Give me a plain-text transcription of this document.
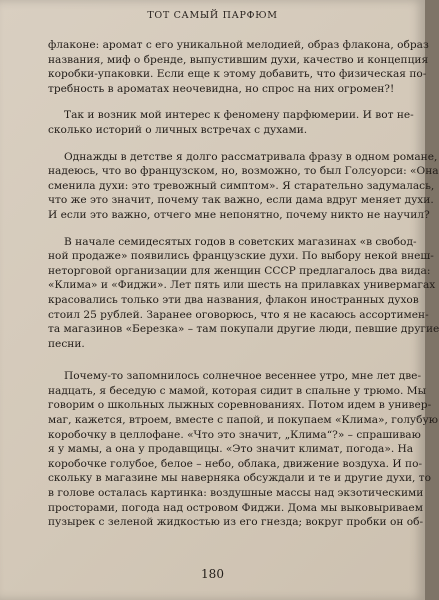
ТОТ САМЫЙ ПАРФЮМ

флаконе: аромат с его уникальной мелодией, образ флакона, образ
названия, миф о бренде, выпустившим духи, качество и концепция
коробки-упаковки. Если еще к этому добавить, что физическая по-
требность в ароматах неочевидна, но спрос на них огромен?!

Так и возник мой интерес к феномену парфюмерии. И вот не-
сколько историй о личных встречах с духами.

Однажды в детстве я долго рассматривала фразу в одном романе,
надеюсь, что во французском, но, возможно, то был Голсуорси: «Она
сменила духи: это тревожный симптом». Я старательно задумалась,
что же это значит, почему так важно, если дама вдруг меняет духи.
И если это важно, отчего мне непонятно, почему никто не научил?

В начале семидесятых годов в советских магазинах «в свобод-
ной продаже» появились французские духи. По выбору некой внеш-
неторговой организации для женщин СССР предлагалось два вида:
«Клима» и «Фиджи». Лет пять или шесть на прилавках универмагах
красовались только эти два названия, флакон иностранных духов
стоил 25 рублей. Заранее оговорюсь, что я не касаюсь ассортимен-
та магазинов «Березка» – там покупали другие люди, певшие другие
песни.

Почему-то запомнилось солнечное весеннее утро, мне лет две-
надцать, я беседую с мамой, которая сидит в спальне у трюмо. Мы
говорим о школьных лыжных соревнованиях. Потом идем в универ-
маг, кажется, втроем, вместе с папой, и покупаем «Клима», голубую
коробочку в целлофане. «Что это значит, „Клима“?» – спрашиваю
я у мамы, а она у продавщицы. «Это значит климат, погода». На
коробочке голубое, белое – небо, облака, движение воздуха. И по-
скольку в магазине мы наверняка обсуждали и те и другие духи, то
в голове осталась картинка: воздушные массы над экзотическими
просторами, погода над островом Фиджи. Дома мы выковыриваем
пузырек с зеленой жидкостью из его гнезда; вокруг пробки он об-

180
